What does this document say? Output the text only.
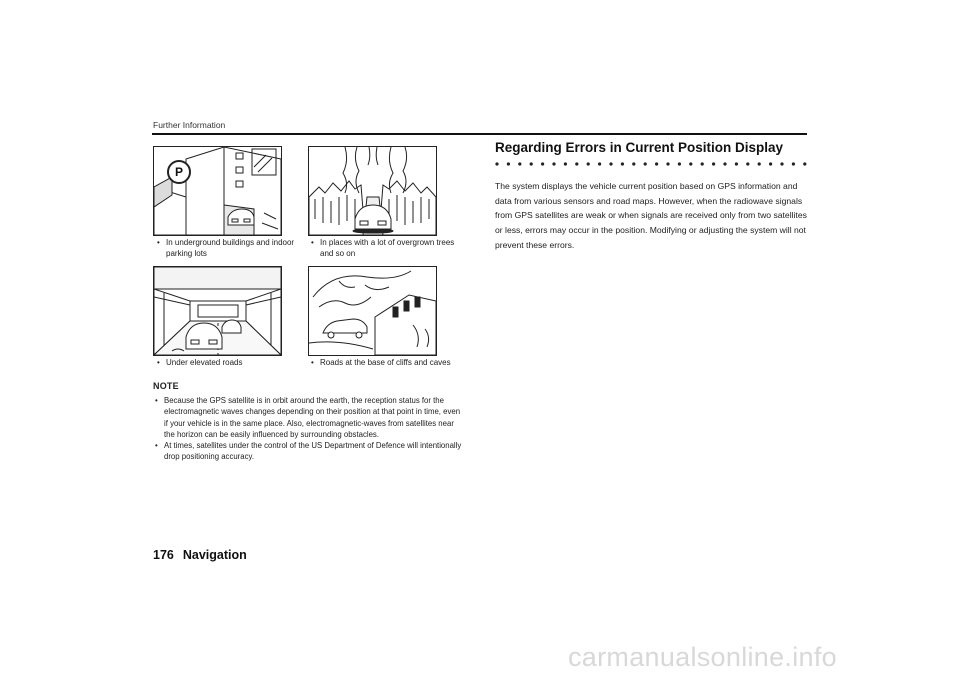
Further Information
P
• In underground buildings and indoor parking lots
• In places with a lot of overgrown trees and so on
• Under elevated roads	• Roads at the base of cliffs and caves
NOTE
• Because the GPS satellite is in orbit around the earth, the reception status for the electromagnetic waves changes depending on their position at that point in time, even if your vehicle is in the same place. Also, electromagnetic-waves from satellites near the horizon can be easily influenced by surrounding obstacles.
• At times, satellites under the control of the US Department of Defence will intentionally drop positioning accuracy.
Regarding Errors in Current Position Display
The system displays the vehicle current position based on GPS information and data from various sensors and road maps. However, when the radiowave signals from GPS satellites are weak or when signals are received only from two satellites or less, errors may occur in the position. Modifying or adjusting the system will not prevent these errors.
176 Navigation
carmanualsonline.info
